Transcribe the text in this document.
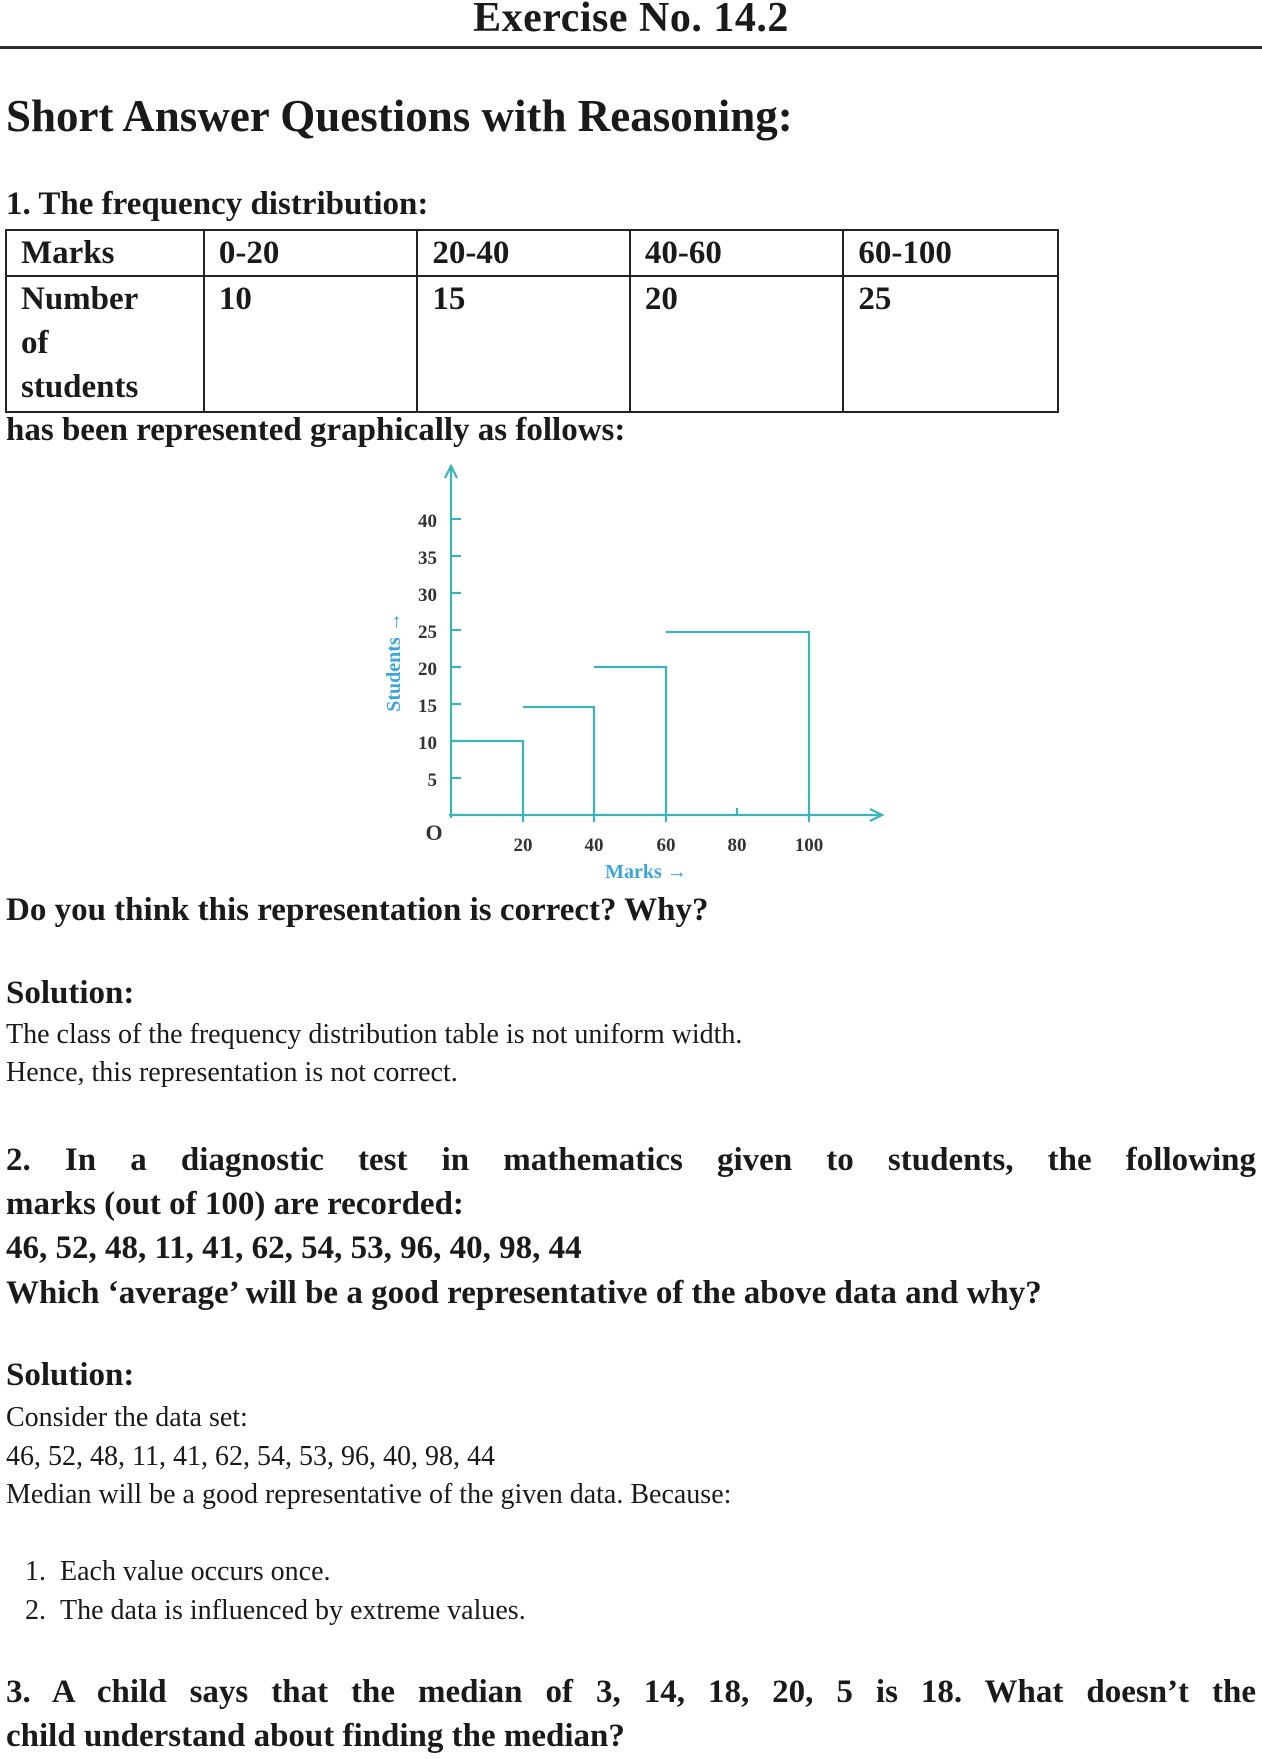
Exercise No. 14.2
Short Answer Questions with Reasoning:
1. The frequency distribution:
Marks	0-20	20-40	40-60	60-100

Number
of
students	10	15	20	25
has been represented graphically as follows:
40
35
30
25
20
15
10
5
O
20	40	60	80	100
Marks →
Students →
Do you think this representation is correct? Why?
Solution:
The class of the frequency distribution table is not uniform width.
Hence, this representation is not correct.
2. In a diagnostic test in mathematics given to students, the following
marks (out of 100) are recorded:
46, 52, 48, 11, 41, 62, 54, 53, 96, 40, 98, 44
Which ‘average’ will be a good representative of the above data and why?
Solution:
Consider the data set:
46, 52, 48, 11, 41, 62, 54, 53, 96, 40, 98, 44
Median will be a good representative of the given data. Because:
1. Each value occurs once.
2. The data is influenced by extreme values.
3. A child says that the median of 3, 14, 18, 20, 5 is 18. What doesn’t the
child understand about finding the median?
